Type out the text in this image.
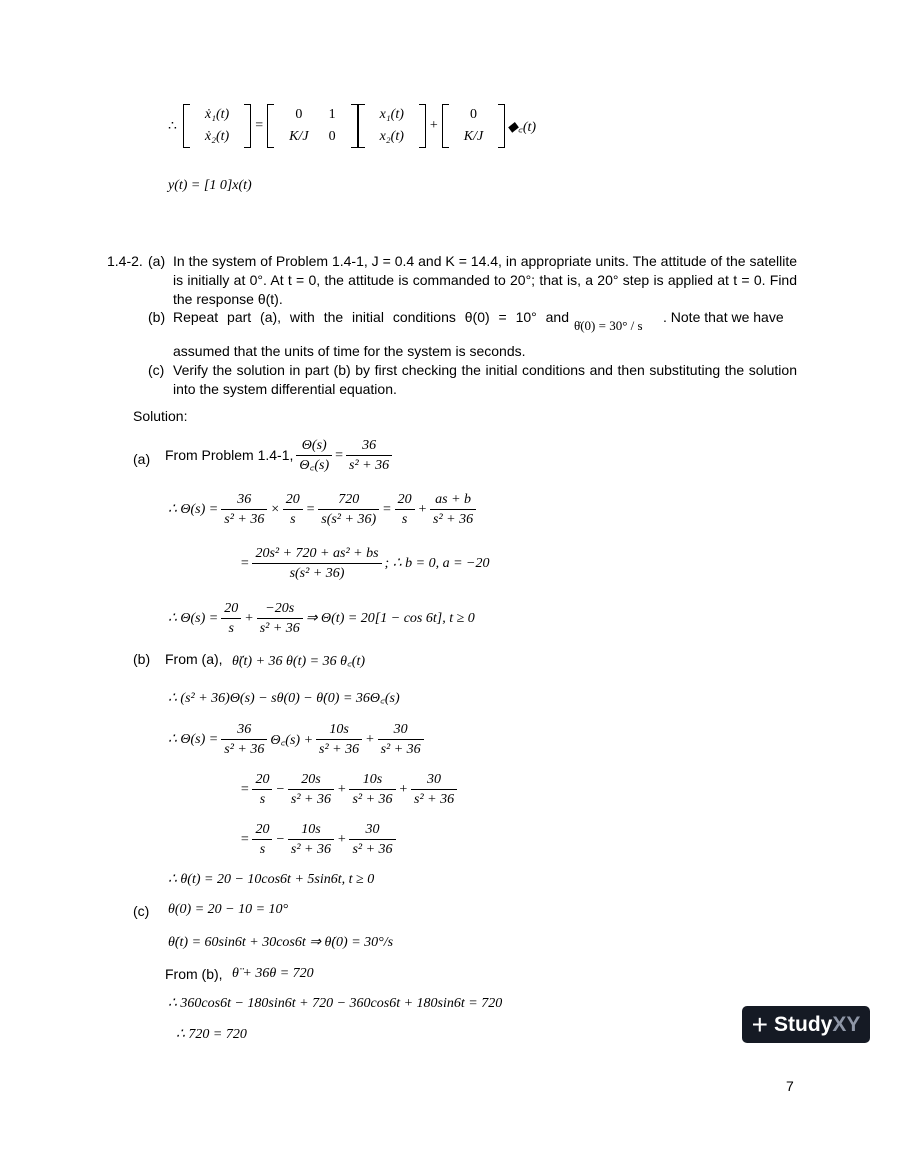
∴
ẋ₁(t)
ẋ₂(t)
=
0	1
K/J	0
x₁(t)
x₂(t)
+
0
K/J
◆꜀(t)
y(t) = [1 0]x(t)
1.4-2. (a) In the system of Problem 1.4-1, J = 0.4 and K = 14.4, in appropriate units. The attitude of the satellite is initially at 0°. At t = 0, the attitude is commanded to 20°; that is, a 20° step is applied at t = 0. Find the response θ(t).
(b) Repeat part (a), with the initial conditions θ(0) = 10° and
θ̇(0) = 30° / s
. Note that we have
assumed that the units of time for the system is seconds.
(c) Verify the solution in part (b) by first checking the initial conditions and then substituting the solution into the system differential equation.
Solution:
(a) From Problem 1.4-1, $\frac{\Theta(s)}{\Theta꜀(s)} = \frac{36}{\text{s² + 36}}$
∴ $\Theta(s) = \frac{36}{\text{s² + 36}} \times \frac{20}{s} = \frac{720}{\text{s(s² + 36)}} = \frac{20}{s} + \frac{as + b}{\text{s² + 36}}$
= $\frac{\text{20s² + 720 + as² + bs}}{\text{s(s² + 36)}}$ ; ∴ b = 0, a = −20
∴ $\Theta(s) = \frac{20}{s} + \frac{-20s}{\text{s² + 36}}$ ⇒ Θ(t) = 20[1 − cos 6t], t ≥ 0
(b) From (a), θ̈(t) + 36 θ(t) = 36 θ꜀(t)
∴ (s² + 36)Θ(s) − sθ(0) − θ̇(0) = 36Θ꜀(s)
∴ $\Theta(s) = \frac{36}{\text{s² + 36}}$ Θ꜀(s) + $\frac{10s}{\text{s² + 36}} + \frac{30}{\text{s² + 36}}$
= $\frac{20}{s} - \frac{20s}{\text{s² + 36}} + \frac{10s}{\text{s² + 36}} + \frac{30}{\text{s² + 36}}$
= $\frac{20}{s} - \frac{10s}{\text{s² + 36}} + \frac{30}{\text{s² + 36}}$
∴ θ(t) = 20 − 10cos6t + 5sin6t, t ≥ 0
(c) θ(0) = 20 − 10 = 10°
θ̇(t) = 60sin6t + 30cos6t ⇒ θ̇(0) = 30°/s
From (b), θ̈ + 36θ = 720
∴ 360cos6t − 180sin6t + 720 − 360cos6t + 180sin6t = 720
∴ 720 = 720	+ Study XY
7
